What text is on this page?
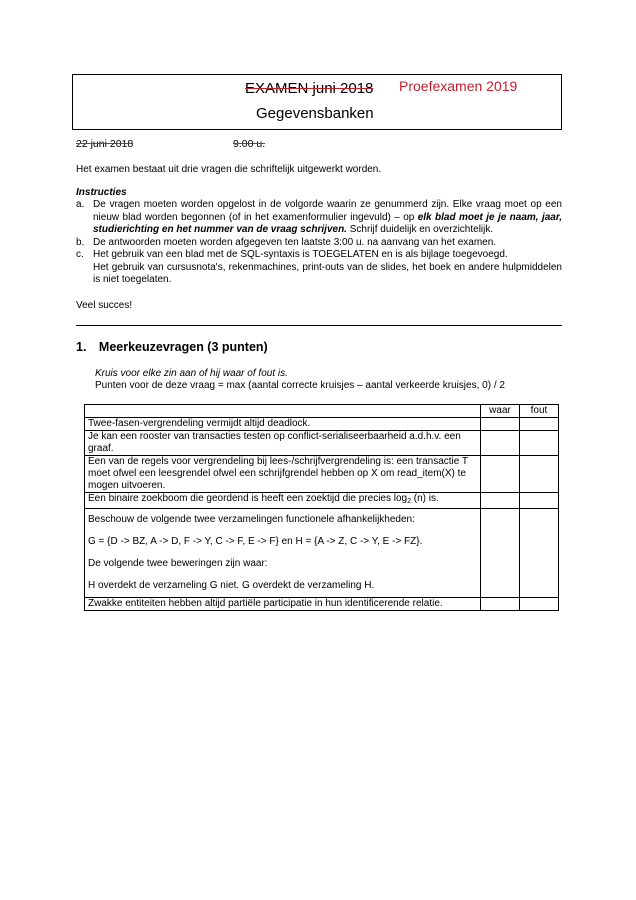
EXAMEN juni 2018 Proefexamen 2019
Gegevensbanken
22 juni 2018	9.00 u.
Het examen bestaat uit drie vragen die schriftelijk uitgewerkt worden.
Instructies
a. De vragen moeten worden opgelost in de volgorde waarin ze genummerd zijn. Elke vraag moet op een nieuw blad worden begonnen (of in het examenformulier ingevuld) – op elk blad moet je je naam, jaar, studierichting en het nummer van de vraag schrijven. Schrijf duidelijk en overzichtelijk.
b. De antwoorden moeten worden afgegeven ten laatste 3:00 u. na aanvang van het examen.
c. Het gebruik van een blad met de SQL-syntaxis is TOEGELATEN en is als bijlage toegevoegd.
Het gebruik van cursusnota's, rekenmachines, print-outs van de slides, het boek en andere hulpmiddelen is niet toegelaten.
Veel succes!
1. Meerkeuzevragen (3 punten)
Kruis voor elke zin aan of hij waar of fout is.
Punten voor de deze vraag = max (aantal correcte kruisjes – aantal verkeerde kruisjes, 0) / 2
	waar	fout
Twee-fasen-vergrendeling vermijdt altijd deadlock.		
Je kan een rooster van transacties testen op conflict-serialiseerbaarheid a.d.h.v. een graaf.		
Een van de regels voor vergrendeling bij lees-/schrijfvergrendeling is: een transactie T moet ofwel een leesgrendel ofwel een schrijfgrendel hebben op X om read_item(X) te mogen uitvoeren.		
Een binaire zoekboom die geordend is heeft een zoektijd die precies $\log_2 (n)$ is.		

Beschouw de volgende twee verzamelingen functionele afhankelijkheden:

G = {D -> BZ, A -> D, F -> Y, C -> F, E -> F} en H = {A -> Z, C -> Y, E -> FZ}.

De volgende twee beweringen zijn waar:

H overdekt de verzameling G niet. G overdekt de verzameling H.		

Zwakke entiteiten hebben altijd partiële participatie in hun identificerende relatie.		
